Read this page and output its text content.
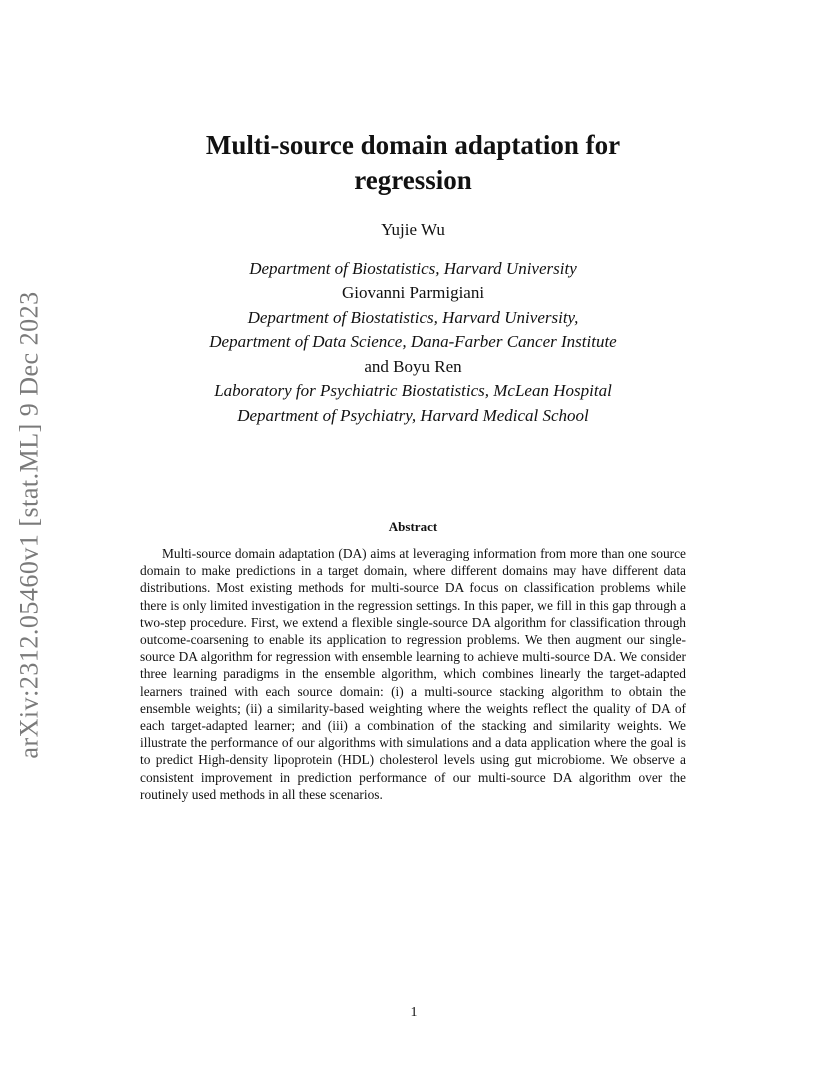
arXiv:2312.05460v1 [stat.ML] 9 Dec 2023
Multi-source domain adaptation for
regression
Yujie Wu
Department of Biostatistics, Harvard University
Giovanni Parmigiani
Department of Biostatistics, Harvard University,
Department of Data Science, Dana-Farber Cancer Institute
and Boyu Ren
Laboratory for Psychiatric Biostatistics, McLean Hospital
Department of Psychiatry, Harvard Medical School
Abstract

Multi-source domain adaptation (DA) aims at leveraging information from more than one source domain to make predictions in a target domain, where different domains may have different data distributions. Most existing methods for multi-source DA focus on classification problems while there is only limited investigation in the regression settings. In this paper, we fill in this gap through a two-step procedure. First, we extend a flexible single-source DA algorithm for classification through outcome-coarsening to enable its application to regression problems. We then augment our single-source DA algorithm for regression with ensemble learning to achieve multi-source DA. We consider three learning paradigms in the ensemble algorithm, which combines linearly the target-adapted learners trained with each source domain: (i) a multi-source stacking algorithm to obtain the ensemble weights; (ii) a similarity-based weighting where the weights reflect the quality of DA of each target-adapted learner; and (iii) a combination of the stacking and similarity weights. We illustrate the performance of our algorithms with simulations and a data application where the goal is to predict High-density lipoprotein (HDL) cholesterol levels using gut microbiome. We observe a consistent improvement in prediction performance of our multi-source DA algorithm over the routinely used methods in all these scenarios.

1
